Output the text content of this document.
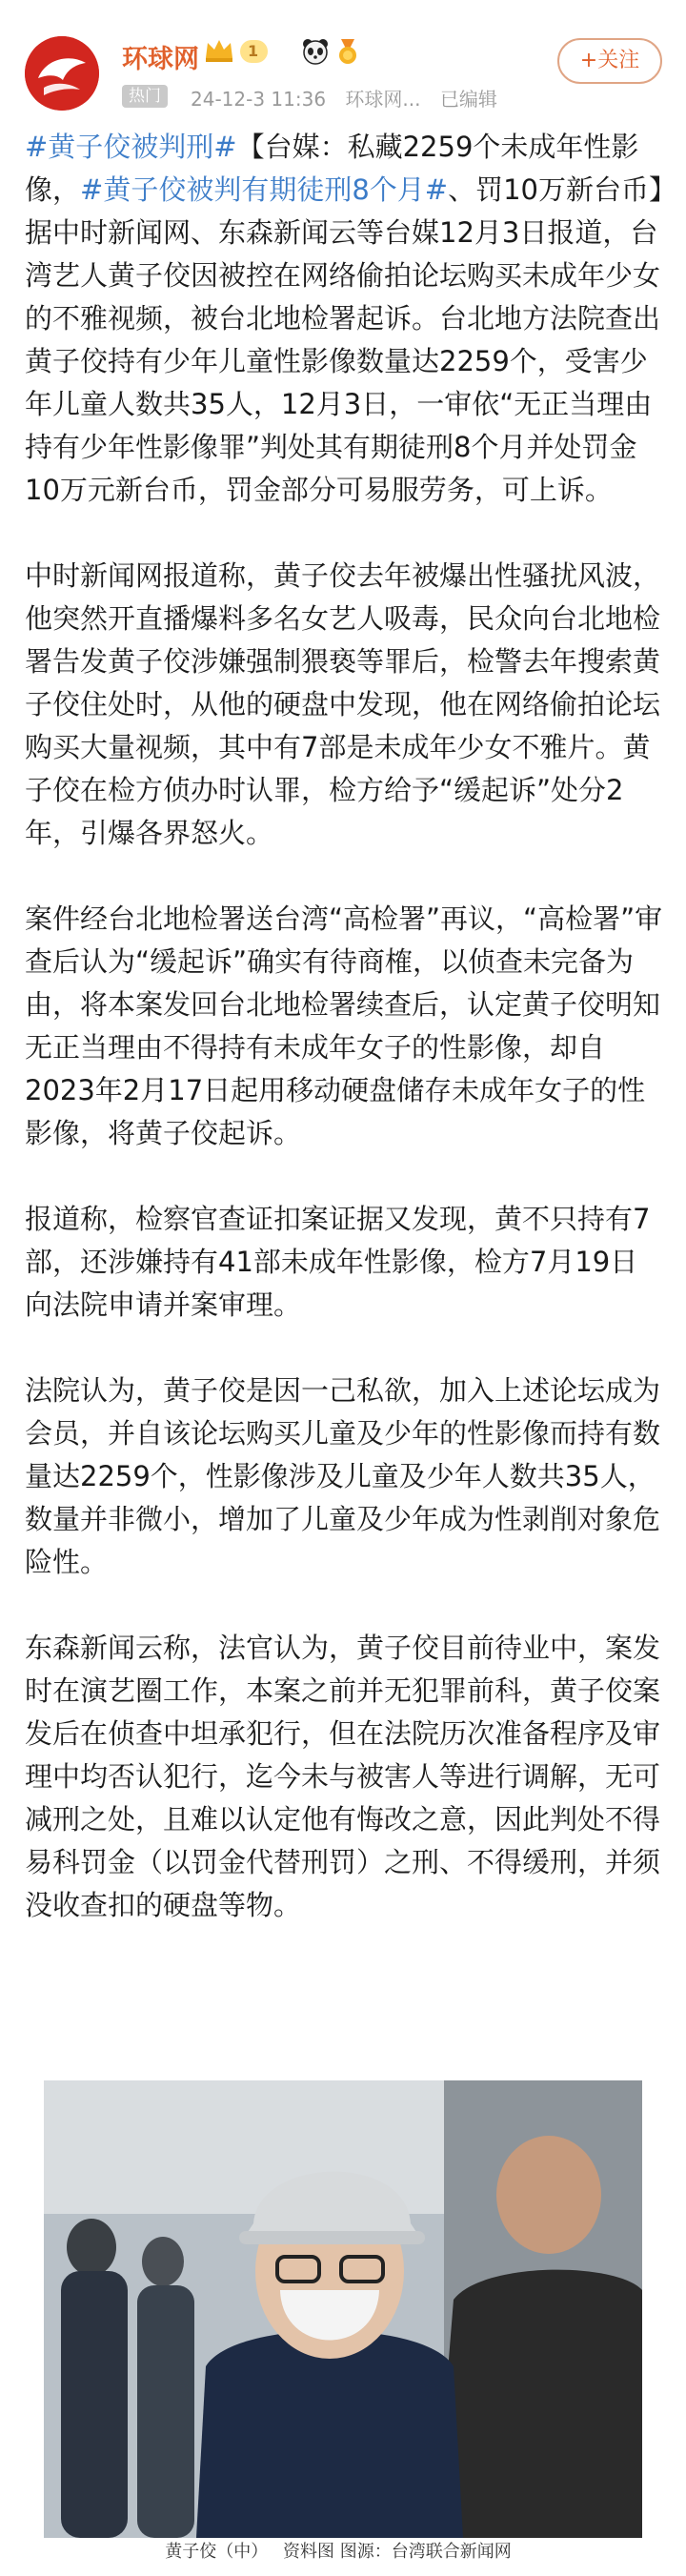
环球网	1
热门	24-12-3 11:36 环球网... 已编辑
+关注

#黄子佼被判刑#【台媒：私藏2259个未成年性影像，#黄子佼被判有期徒刑8个月#、罚10万新台币】据中时新闻网、东森新闻云等台媒12月3日报道，台湾艺人黄子佼因被控在网络偷拍论坛购买未成年少女的不雅视频，被台北地检署起诉。台北地方法院查出黄子佼持有少年儿童性影像数量达2259个，受害少年儿童人数共35人，12月3日，一审依“无正当理由持有少年性影像罪”判处其有期徒刑8个月并处罚金10万元新台币，罚金部分可易服劳务，可上诉。

中时新闻网报道称，黄子佼去年被爆出性骚扰风波，他突然开直播爆料多名女艺人吸毒，民众向台北地检署告发黄子佼涉嫌强制猥亵等罪后，检警去年搜索黄子佼住处时，从他的硬盘中发现，他在网络偷拍论坛购买大量视频，其中有7部是未成年少女不雅片。黄子佼在检方侦办时认罪，检方给予“缓起诉”处分2年，引爆各界怒火。

案件经台北地检署送台湾“高检署”再议，“高检署”审查后认为“缓起诉”确实有待商榷，以侦查未完备为由，将本案发回台北地检署续查后，认定黄子佼明知无正当理由不得持有未成年女子的性影像，却自2023年2月17日起用移动硬盘储存未成年女子的性影像，将黄子佼起诉。

报道称，检察官查证扣案证据又发现，黄不只持有7部，还涉嫌持有41部未成年性影像，检方7月19日向法院申请并案审理。

法院认为，黄子佼是因一己私欲，加入上述论坛成为会员，并自该论坛购买儿童及少年的性影像而持有数量达2259个，性影像涉及儿童及少年人数共35人，数量并非微小，增加了儿童及少年成为性剥削对象危险性。

东森新闻云称，法官认为，黄子佼目前待业中，案发时在演艺圈工作，本案之前并无犯罪前科，黄子佼案发后在侦查中坦承犯行，但在法院历次准备程序及审理中均否认犯行，迄今未与被害人等进行调解，无可减刑之处，且难以认定他有悔改之意，因此判处不得易科罚金（以罚金代替刑罚）之刑、不得缓刑，并须没收查扣的硬盘等物。

黄子佼（中） 资料图 图源：台湾联合新闻网
